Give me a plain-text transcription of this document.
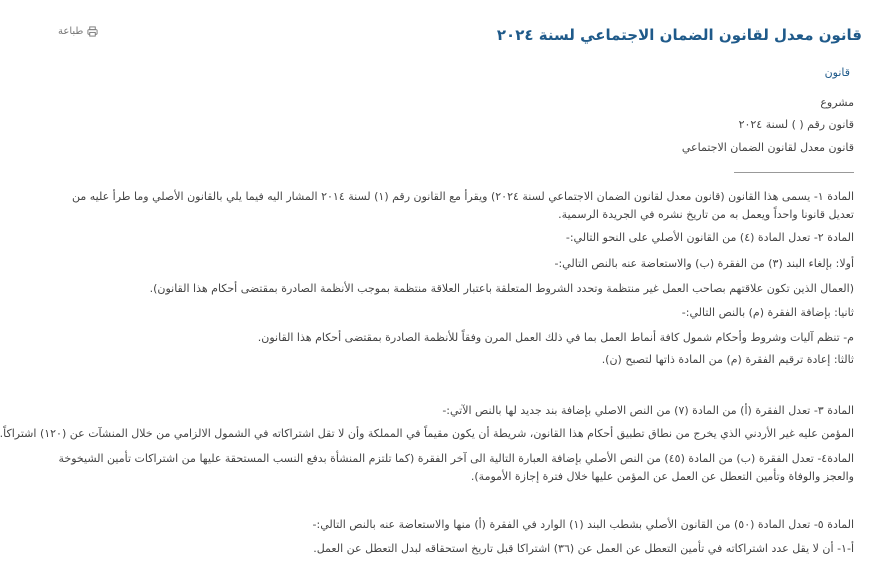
قانون معدل لقانون الضمان الاجتماعي لسنة ٢٠٢٤
طباعة
قانون
مشروع
قانون رقم ( ) لسنة ٢٠٢٤
قانون معدل لقانون الضمان الاجتماعي
المادة ١- يسمى هذا القانون (قانون معدل لقانون الضمان الاجتماعي لسنة ٢٠٢٤) ويقرأ مع القانون رقم (١) لسنة ٢٠١٤ المشار اليه فيما يلي بالقانون الأصلي وما طرأ عليه من تعديل قانونا واحداً ويعمل به من تاريخ نشره في الجريدة الرسمية.
المادة ٢- تعدل المادة (٤) من القانون الأصلي على النحو التالي:-
أولا: بإلغاء البند (٣) من الفقرة (ب) والاستعاضة عنه بالنص التالي:-
(العمال الذين تكون علاقتهم بصاحب العمل غير منتظمة وتحدد الشروط المتعلقة باعتبار العلاقة منتظمة بموجب الأنظمة الصادرة بمقتضى أحكام هذا القانون).
ثانيا: بإضافة الفقرة (م) بالنص التالي:-
م- تنظم آليات وشروط وأحكام شمول كافة أنماط العمل بما في ذلك العمل المرن وفقاً للأنظمة الصادرة بمقتضى أحكام هذا القانون.
ثالثا: إعادة ترقيم الفقرة (م) من المادة ذاتها لتصبح (ن).
المادة ٣- تعدل الفقرة (أ) من المادة (٧) من النص الاصلي بإضافة بند جديد لها بالنص الآتي:-
المؤمن عليه غير الأردني الذي يخرج من نطاق تطبيق أحكام هذا القانون، شريطة أن يكون مقيماً في المملكة وأن لا تقل اشتراكاته في الشمول الالزامي من خلال المنشآت عن (١٢٠) اشتراكاً.
المادة٤- تعدل الفقرة (ب) من المادة (٤٥) من النص الأصلي بإضافة العبارة التالية الى آخر الفقرة (كما تلتزم المنشأة بدفع النسب المستحقة عليها من اشتراكات تأمين الشيخوخة والعجز والوفاة وتأمين التعطل عن العمل عن المؤمن عليها خلال فترة إجازة الأمومة).
المادة ٥- تعدل المادة (٥٠) من القانون الأصلي بشطب البند (١) الوارد في الفقرة (أ) منها والاستعاضة عنه بالنص التالي:-
أ-١- أن لا يقل عدد اشتراكاته في تأمين التعطل عن العمل عن (٣٦) اشتراكا قبل تاريخ استحقاقه لبدل التعطل عن العمل.
